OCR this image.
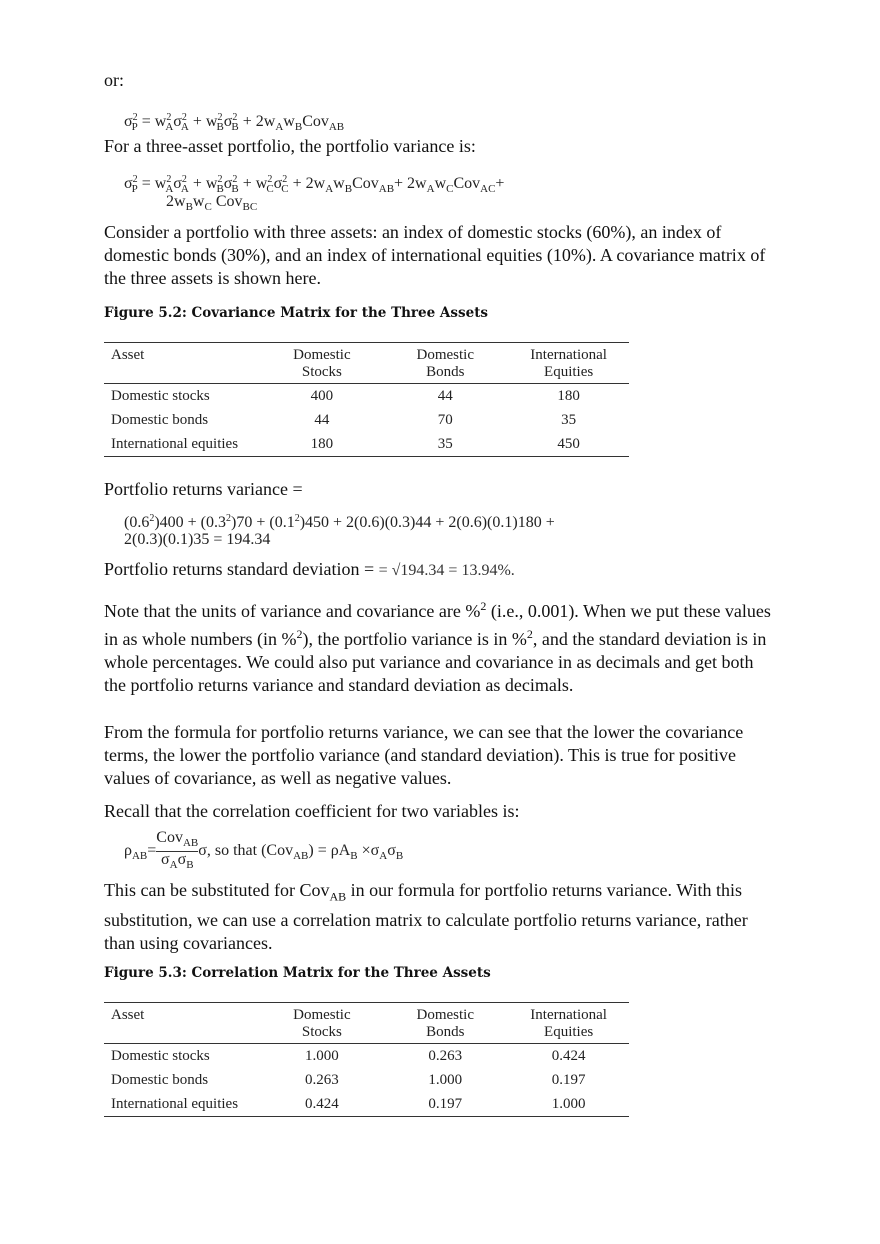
or:
$\sigma^2_P = w^2_A\sigma^2_A + w^2_B\sigma^2_B + 2w_Aw_BCov_{AB}$
For a three-asset portfolio, the portfolio variance is:
$\sigma^2_P = w^2_A\sigma^2_A + w^2_B\sigma^2_B + w^2_C\sigma^2_C + 2w_Aw_BCov_{AB}+ 2w_Aw_CCov_{AC}+$
$2w_Bw_C$ Cov$_{BC}$
Consider a portfolio with three assets: an index of domestic stocks (60%), an index of domestic bonds (30%), and an index of international equities (10%). A covariance matrix of the three assets is shown here.
Figure 5.2: Covariance Matrix for the Three Assets
Asset	Domestic Stocks	Domestic Bonds	International Equities
Domestic stocks	400	44	180
Domestic bonds	44	70	35
International equities	180	35	450
Portfolio returns variance =
$(0.6^2)400 + (0.3^2)70 + (0.1^2)450 + 2(0.6)(0.3)44 + 2(0.6)(0.1)180$ +
2(0.3)(0.1)35 = 194.34
Portfolio returns standard deviation = = √194.34 = 13.94%.
Note that the units of variance and covariance are %$^2$ (i.e., 0.001). When we put these values in as whole numbers (in %$^2$), the portfolio variance is in %$^2$, and the standard deviation is in whole percentages. We could also put variance and covariance in as decimals and get both the portfolio returns variance and standard deviation as decimals.
From the formula for portfolio returns variance, we can see that the lower the covariance terms, the lower the portfolio variance (and standard deviation). This is true for positive values of covariance, as well as negative values.
Recall that the correlation coefficient for two variables is:
$\rho_{AB}= \frac{Cov_{AB}}{\sigma_A\sigma_B} \sigma$, so that $(Cov_{AB}) = \rho A_B \times\sigma_A\sigma_B$
This can be substituted for Cov$_{AB}$ in our formula for portfolio returns variance. With this substitution, we can use a correlation matrix to calculate portfolio returns variance, rather than using covariances.
Figure 5.3: Correlation Matrix for the Three Assets
Asset	Domestic Stocks	Domestic Bonds	International Equities
Domestic stocks	1.000	0.263	0.424
Domestic bonds	0.263	1.000	0.197
International equities	0.424	0.197	1.000
